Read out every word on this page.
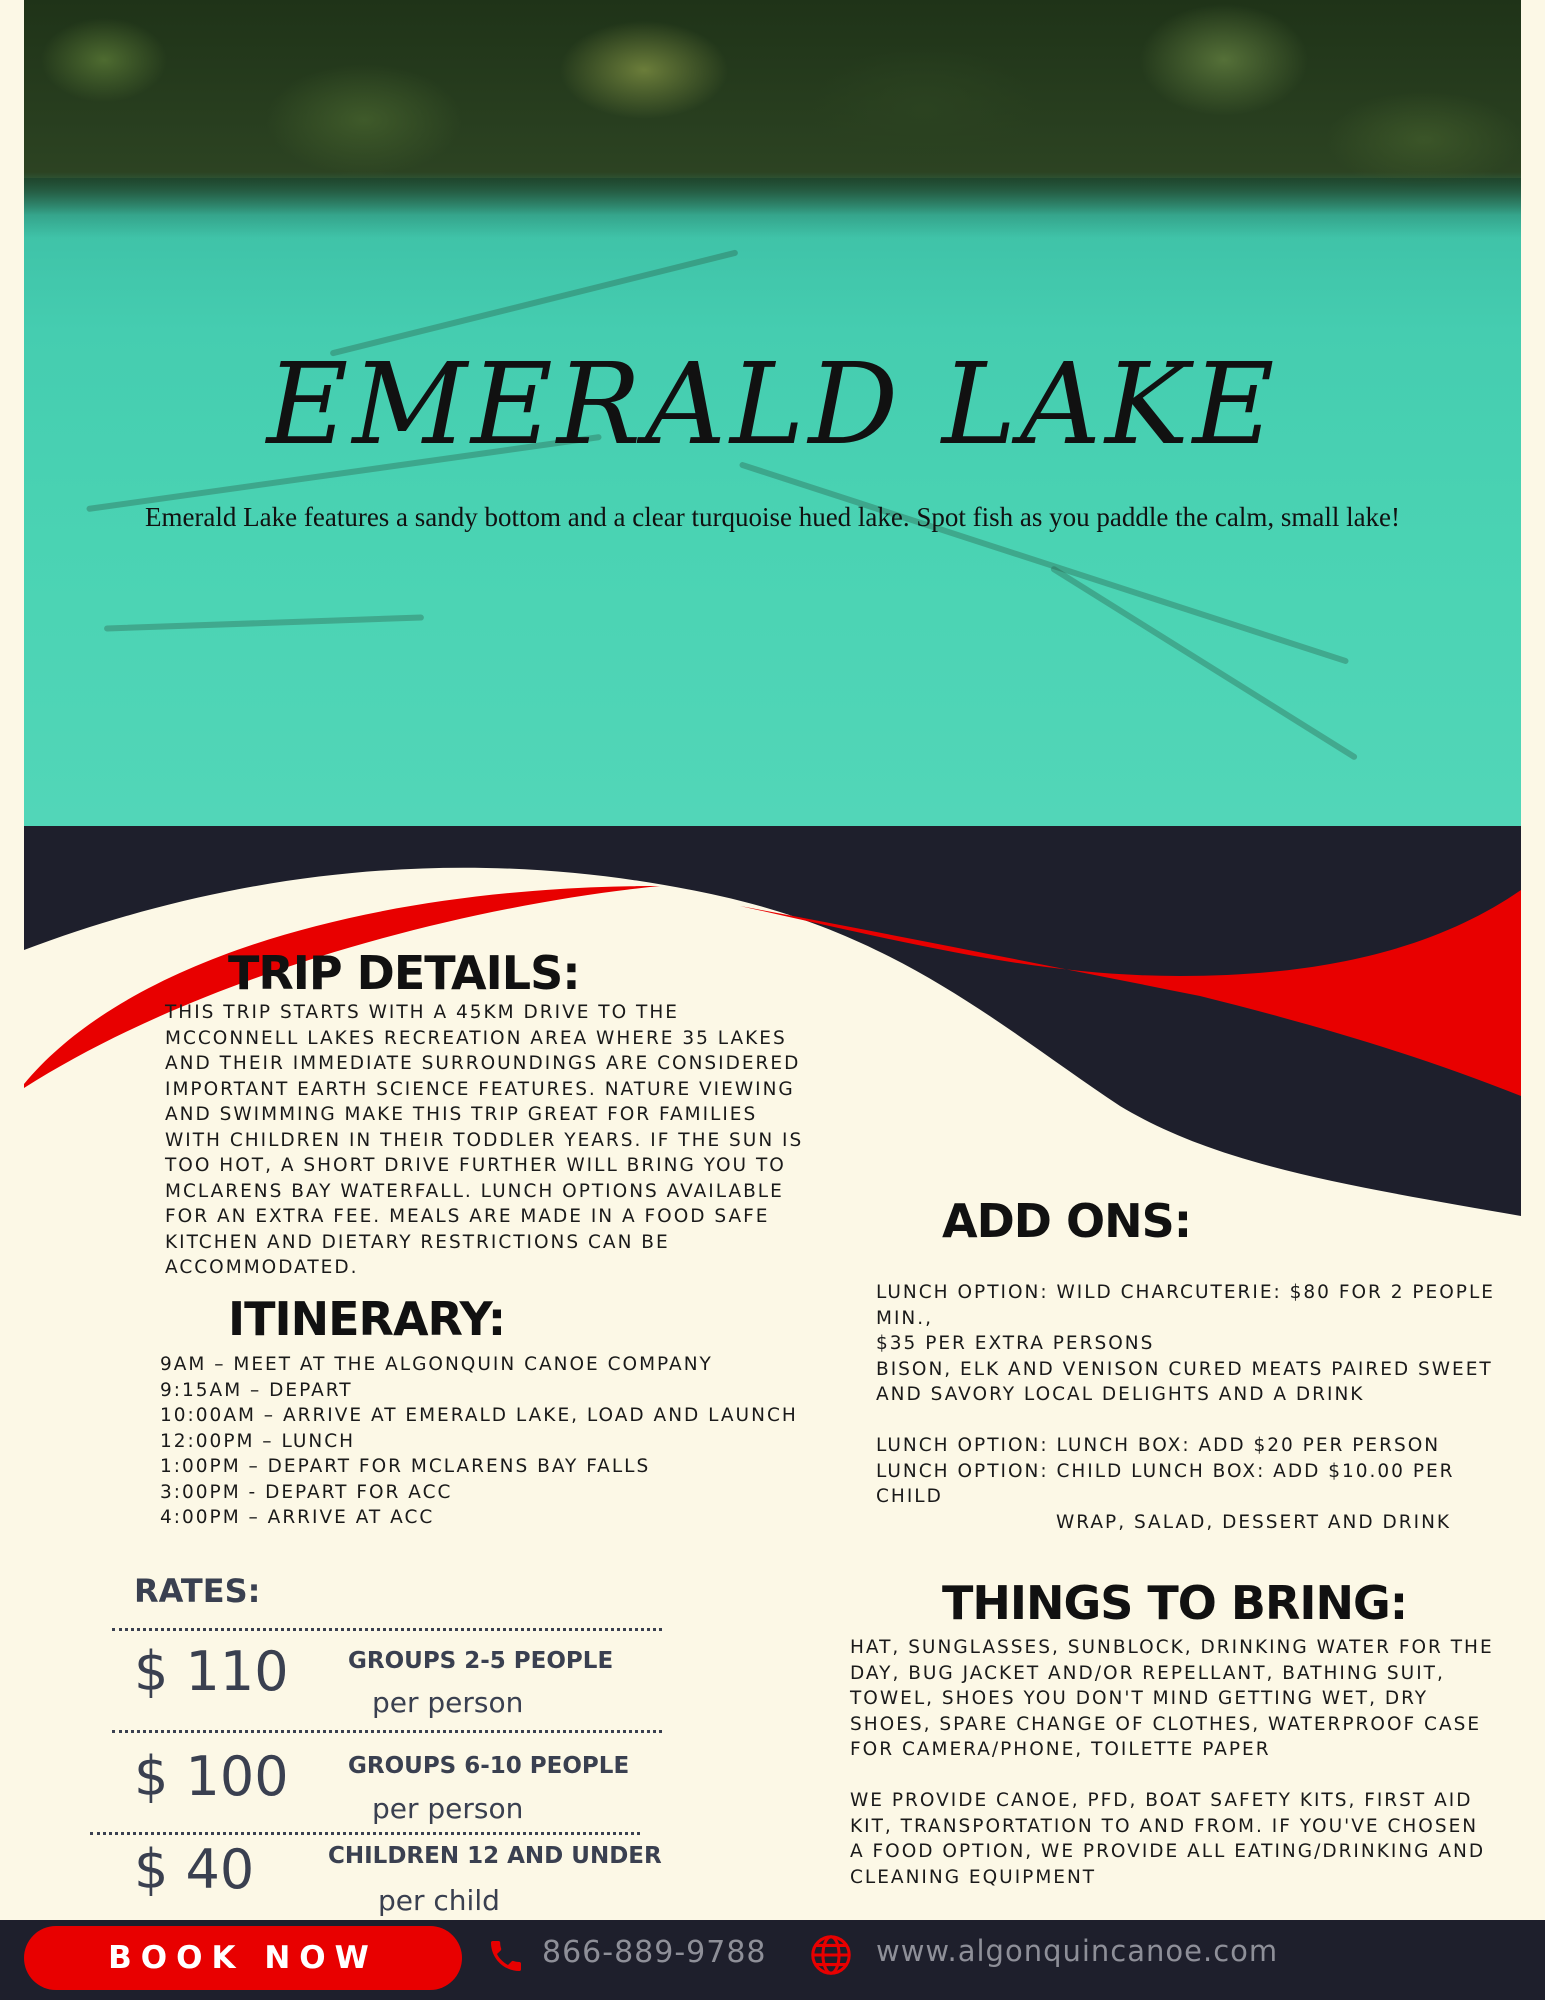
EMERALD LAKE
Emerald Lake features a sandy bottom and a clear turquoise hued lake. Spot fish as you paddle the calm, small lake!
TRIP DETAILS:
THIS TRIP STARTS WITH A 45KM DRIVE TO THE
MCCONNELL LAKES RECREATION AREA WHERE 35 LAKES
AND THEIR IMMEDIATE SURROUNDINGS ARE CONSIDERED
IMPORTANT EARTH SCIENCE FEATURES. NATURE VIEWING
AND SWIMMING MAKE THIS TRIP GREAT FOR FAMILIES
WITH CHILDREN IN THEIR TODDLER YEARS. IF THE SUN IS
TOO HOT, A SHORT DRIVE FURTHER WILL BRING YOU TO
MCLARENS BAY WATERFALL. LUNCH OPTIONS AVAILABLE
FOR AN EXTRA FEE. MEALS ARE MADE IN A FOOD SAFE
KITCHEN AND DIETARY RESTRICTIONS CAN BE
ACCOMMODATED.
ITINERARY:
9AM – MEET AT THE ALGONQUIN CANOE COMPANY
9:15AM – DEPART
10:00AM – ARRIVE AT EMERALD LAKE, LOAD AND LAUNCH
12:00PM – LUNCH
1:00PM – DEPART FOR MCLARENS BAY FALLS
3:00PM - DEPART FOR ACC
4:00PM – ARRIVE AT ACC
ADD ONS:
LUNCH OPTION: WILD CHARCUTERIE: $80 FOR 2 PEOPLE
MIN.,
$35 PER EXTRA PERSONS
BISON, ELK AND VENISON CURED MEATS PAIRED SWEET
AND SAVORY LOCAL DELIGHTS AND A DRINK
LUNCH OPTION: LUNCH BOX: ADD $20 PER PERSON
LUNCH OPTION: CHILD LUNCH BOX: ADD $10.00 PER CHILD
WRAP, SALAD, DESSERT AND DRINK
THINGS TO BRING:
HAT, SUNGLASSES, SUNBLOCK, DRINKING WATER FOR THE
DAY, BUG JACKET AND/OR REPELLANT, BATHING SUIT,
TOWEL, SHOES YOU DON'T MIND GETTING WET, DRY
SHOES, SPARE CHANGE OF CLOTHES, WATERPROOF CASE
FOR CAMERA/PHONE, TOILETTE PAPER
WE PROVIDE CANOE, PFD, BOAT SAFETY KITS, FIRST AID
KIT, TRANSPORTATION TO AND FROM. IF YOU'VE CHOSEN
A FOOD OPTION, WE PROVIDE ALL EATING/DRINKING AND
CLEANING EQUIPMENT
RATES:
$ 110	GROUPS 2-5 PEOPLE
per person
$ 100	GROUPS 6-10 PEOPLE
per person
$ 40	CHILDREN 12 AND UNDER
per child
BOOK NOW	866-889-9788	www.algonquincanoe.com
